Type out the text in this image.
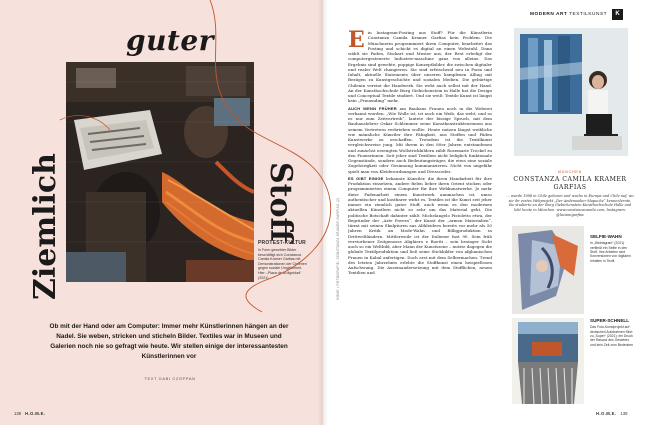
guter
Ziemlich	Stoff
PROTEST-KULTUR
In Form gewebter Bilder beschäftigt sich Constanza Camila Kramer Garfias mit Demonstrationen der Chilenen gegen soziale Ungleichheit. Hier: „Plaza de la dignidad“ (2021)
Ob mit der Hand oder am Computer: Immer mehr Künstlerinnen hängen an der Nadel. Sie weben, stricken und sticheln Bilder. Textiles war in Museen und Galerien noch nie so gefragt wie heute. Wir stellen einige der interessantesten Künstlerinnen vor
TEXT GABI CZÖPPAN
138 H.O.M.E.
MODERN ART TEXTILKUNST	K
HOME • FOTOGRAFIE: CONSTANZA KRAMER GARFIAS (2)

Ein Instagram-Posting aus Stoff? Für die Künstlerin Constanza Camila Kramer Garfias kein Problem. Die Münchnerin programmiert ihren Computer, bearbeitet das Posting und schickt es digital an einen Webstuhl. Dann wählt sie Faden, Stickart und Muster aus, der Rest erledigt der computergesteuerte Industrie-maschine ganz von alleine. Das Ergebnis sind gewebte, poppige Konzeptbilder, die zwischen digitaler und realer Welt changieren. Sie sind erfrischend neu in Form und Inhalt, aktuelle Statements über unseren komplexen Alltag mit Bezügen zu Kunstgeschichte und sozialen Medien. Die gebürtige Chilenin vereint die Handwerk. Sie webt auch selbst mit der Hand. An der Kunsthochschule Burg Giebichenstein in Halle hat die Design und Conceptual Textile studiert. Und sie weiß: Textile Kunst ist längst kein „Frauending“ mehr.

AUCH WENN FRÜHER am Bauhaus Frauen noch in die Weberei verbannt wurden. „Wie Wolle ist, ist auch ein Weib, das webt, und so es nur zum Zeitvertreib“, lautete der bissige Spruch, mit dem Bauhauslehrer Oskar Schlemmer seine Kunstkonstrukteurinnen aus seinem Vertretern verbrieben wollte. Heute nutzen längst weibliche wie männliche Künstler ihre Fähigkeit, aus Stoffen und Fäden Kunstwerke zu erschaffen. Trotzdem ist die Textilkunst vergleichsweise jung. Mit ihrem in den 80er Jahren entstandenen und zunächst erzeugten Wollstrickbildern zählt Rosemarie Trockel zu den Pionierinnen. Seit jeher sind Textilien nicht lediglich funktionale Gegenstände, sondern auch Bedeutungsträger, die etwa eine soziale Zugehörigkeit oder Gesinnung kommunizieren. Nicht von ungefähr spielt man von Kleiderordnungen und Dresscodes.

ES GIBT EINIGE bekannte Künstler, die ihren Handarbeit für ihre Produktion einsetzen, andere fielen lieber ihren Orient sticken oder programmierten einem Computer für ihre Webkunstwerke. Je mehr diese Fadenarbeit einem Kunstwerk annmachen ist, umso authentischer und kostbarer wirkt es. Textiles ist die Kunst seit jeher immer ein ziemlich guter Stoff, auch wenn es den modernen aktuellen Künstlern nicht so sehr um das Material geht. Die politische Botschaft dahinter zählt. Michelangelo Pistoletto etwa, der Begründer der „Arte Povera“, der Kunst der „armen Materialien“, türmt mit seinen Skulpturen aus Altkleidern bereits vor mehr als 50 Jahren Kritik an Mode-Wahn und Billigproduktion in Drittweltländern. Mittlerweile ist der Italiener fast 90. Sein früh verstorbener Zeitgenosse Alighiero e Boetti – sein besinger Sicht auch so ein Weltbild, aber Mann der Kunstszene – nutzte dagegen die globale Textilproduktion und ließ seine Stickbilder von afghanischen Frauen in Kabul anfertigen. Doch erst mit dem Selbermachen: Trend des letzten Jahrzehnts erlebte die Stoffkunst einen beispiellosen Aufschwung. Die Auseinandersetzung mit dem Stofflichen, neuen Textilien und

MÜNCHEN
CONSTANZA CAMILA KRAMER GARFIAS
... wurde 1988 in Chile geboren und wuchs in Europa und Chile auf, wo sie ihr erstes Webprojekt „Der Andenweber Mapuche“ kennenlernte. Sie studierte an der Burg Giebichenstein Kunsthochschule Halle und lebt heute in München. www.constanzacamila.com, Instagram: @lacamigarfias
SELFIE-WAHN
In „Webtagram“ (2021) verfließt ein Selfie in den Stoff. Ihre Arbeiten sind Konversionen von digitalen Inhalten in Textil.
SUPER-SCHNELL
Das Foto-Kunstprojekt auf deutschen Autobahnen führt zu „Super“ (2021): ein Druck der Rasanz des Gewebes und kein Zeit zum Bedenken
H.O.M.E. 139
